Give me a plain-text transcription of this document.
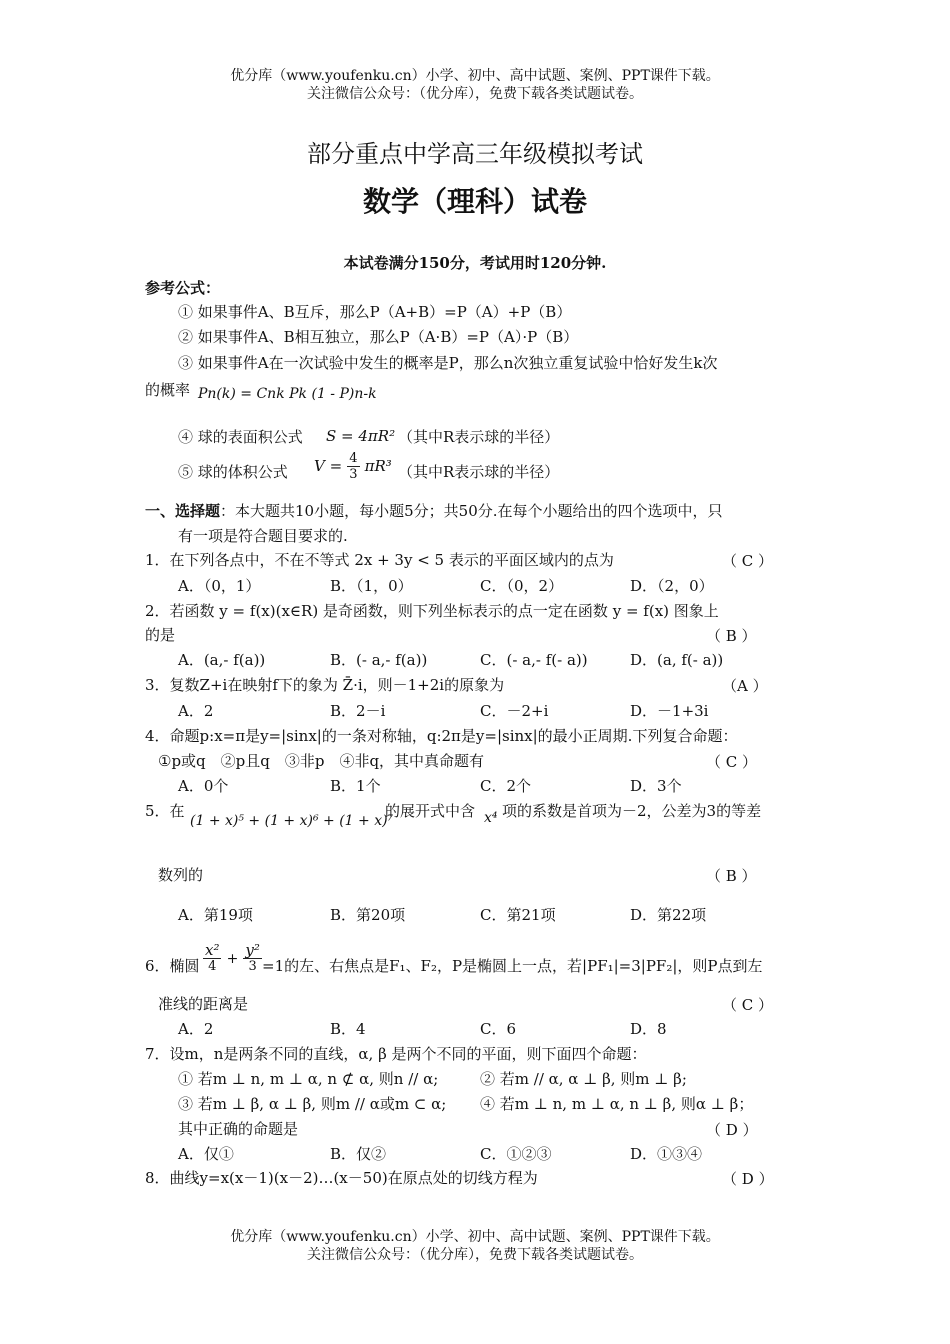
优分库（www.youfenku.cn）小学、初中、高中试题、案例、PPT课件下载。
关注微信公众号：（优分库），免费下载各类试题试卷。
部分重点中学高三年级模拟考试
数学（理科）试卷
本试卷满分150分，考试用时120分钟.
参考公式：
① 如果事件A、B互斥，那么P（A+B）=P（A）+P（B）
② 如果事件A、B相互独立，那么P（A·B）=P（A）·P（B）
③ 如果事件A在一次试验中发生的概率是P，那么n次独立重复试验中恰好发生k次
的概率 Pn(k) = Cnk Pk (1 - P)n-k
④ 球的表面积公式 S = 4πR² （其中R表示球的半径）
⑤ 球的体积公式 $V = \frac{4}{3} \pi R^3$ （其中R表示球的半径）
一、选择题：本大题共10小题，每小题5分；共50分.在每个小题给出的四个选项中，只
有一项是符合题目要求的.
1．在下列各点中，不在不等式 2x + 3y < 5 表示的平面区域内的点为	（ C ）
A．（0，1）	B．（1，0）	C．（0，2）	D．（2，0）
2．若函数 y = f(x)(x∈R) 是奇函数，则下列坐标表示的点一定在函数 y = f(x) 图象上
的是	（ B ）
A．(a,- f(a))	B．(- a,- f(a))	C．(- a,- f(- a))	D．(a, f(- a))
3．复数Z+i在映射f下的象为 Z̄·i，则－1+2i的原象为	（A ）
A．2	B．2－i	C．－2+i	D．－1+3i
4．命题p:x=π是y=|sinx|的一条对称轴，q:2π是y=|sinx|的最小正周期.下列复合命题：
①p或q　②p且q　③非p　④非q，其中真命题有	（ C ）
A．0个	B．1个	C．2个	D．3个
5．在
(1 + x)⁵ + (1 + x)⁶ + (1 + x)⁷
的展开式中含 x⁴ 项的系数是首项为－2，公差为3的等差
数列的	（ B ）
A．第19项	B．第20项	C．第21项	D．第22项
6．椭圆 $\frac{\text{x²}}{4} + \frac{\text{y²}}{3} =1$的左、右焦点是F₁、F₂，P是椭圆上一点，若|PF₁|=3|PF₂|，则P点到左
准线的距离是	（ C ）
A．2	B．4	C．6	D．8
7．设m，n是两条不同的直线，α, β 是两个不同的平面，则下面四个命题：
① 若m ⊥ n, m ⊥ α, n ⊄ α, 则n // α;	② 若m // α, α ⊥ β, 则m ⊥ β;
③ 若m ⊥ β, α ⊥ β, 则m // α或m ⊂ α; ④ 若m ⊥ n, m ⊥ α, n ⊥ β, 则α ⊥ β；
其中正确的命题是	（ D ）
A．仅①	B．仅②	C．①②③	D．①③④
8．曲线y=x(x－1)(x－2)…(x－50)在原点处的切线方程为	（ D ）
优分库（www.youfenku.cn）小学、初中、高中试题、案例、PPT课件下载。
关注微信公众号：（优分库），免费下载各类试题试卷。
